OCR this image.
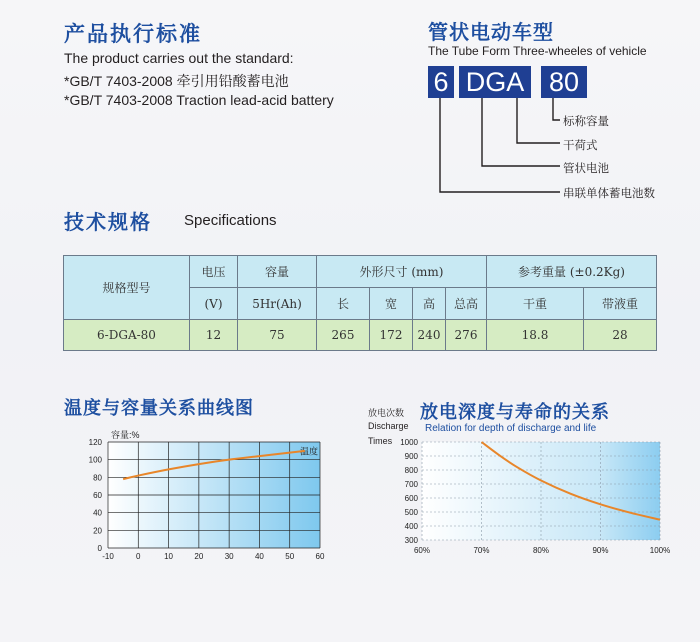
产品执行标准
The product carries out the standard:
*GB/T 7403-2008 牵引用铅酸蓄电池
*GB/T 7403-2008 Traction lead-acid battery
管状电动车型
The Tube Form Three-wheeles of vehicle
6 DGA 80
标称容量
干荷式
管状电池
串联单体蓄电池数
技术规格 Specifications
规格型号	电压	容量	外形尺寸 (mm)				参考重量 (±0.2Kg)	
	(V)	5Hr(Ah)	长	宽	高	总高	干重	带液重
6-DGA-80	12	75	265	172	240	276	18.8	28
温度与容量关系曲线图
-10	0	10	20	30	40	50	60
0
20
40
60
80
100
120
容量:%
温度
放电深度与寿命的关系
放电次数
Discharge
Times
Relation for depth of discharge and life
60%	70%	80%	90%	100%
300
400
500
600
700
800
900
1000
